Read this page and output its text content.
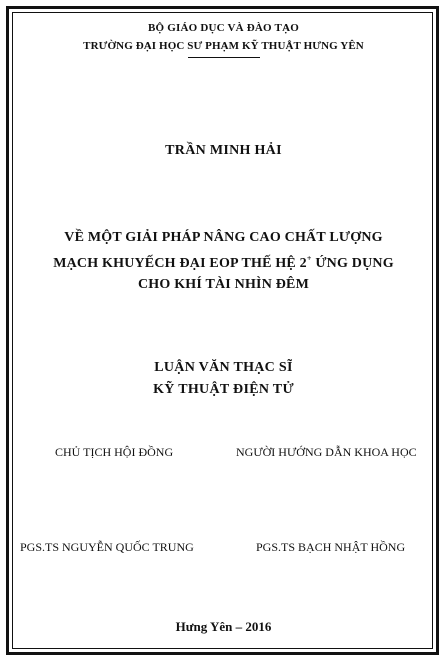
BỘ GIÁO DỤC VÀ ĐÀO TẠO
TRƯỜNG ĐẠI HỌC SƯ PHẠM KỸ THUẬT HƯNG YÊN
TRẦN MINH HẢI
VỀ MỘT GIẢI PHÁP NÂNG CAO CHẤT LƯỢNG
MẠCH KHUYẾCH ĐẠI EOP THẾ HỆ 2+ ỨNG DỤNG
CHO KHÍ TÀI NHÌN ĐÊM
LUẬN VĂN THẠC SĨ
KỸ THUẬT ĐIỆN TỬ
CHỦ TỊCH HỘI ĐỒNG	NGƯỜI HƯỚNG DẪN KHOA HỌC
PGS.TS NGUYỄN QUỐC TRUNG	PGS.TS BẠCH NHẬT HỒNG
Hưng Yên – 2016
